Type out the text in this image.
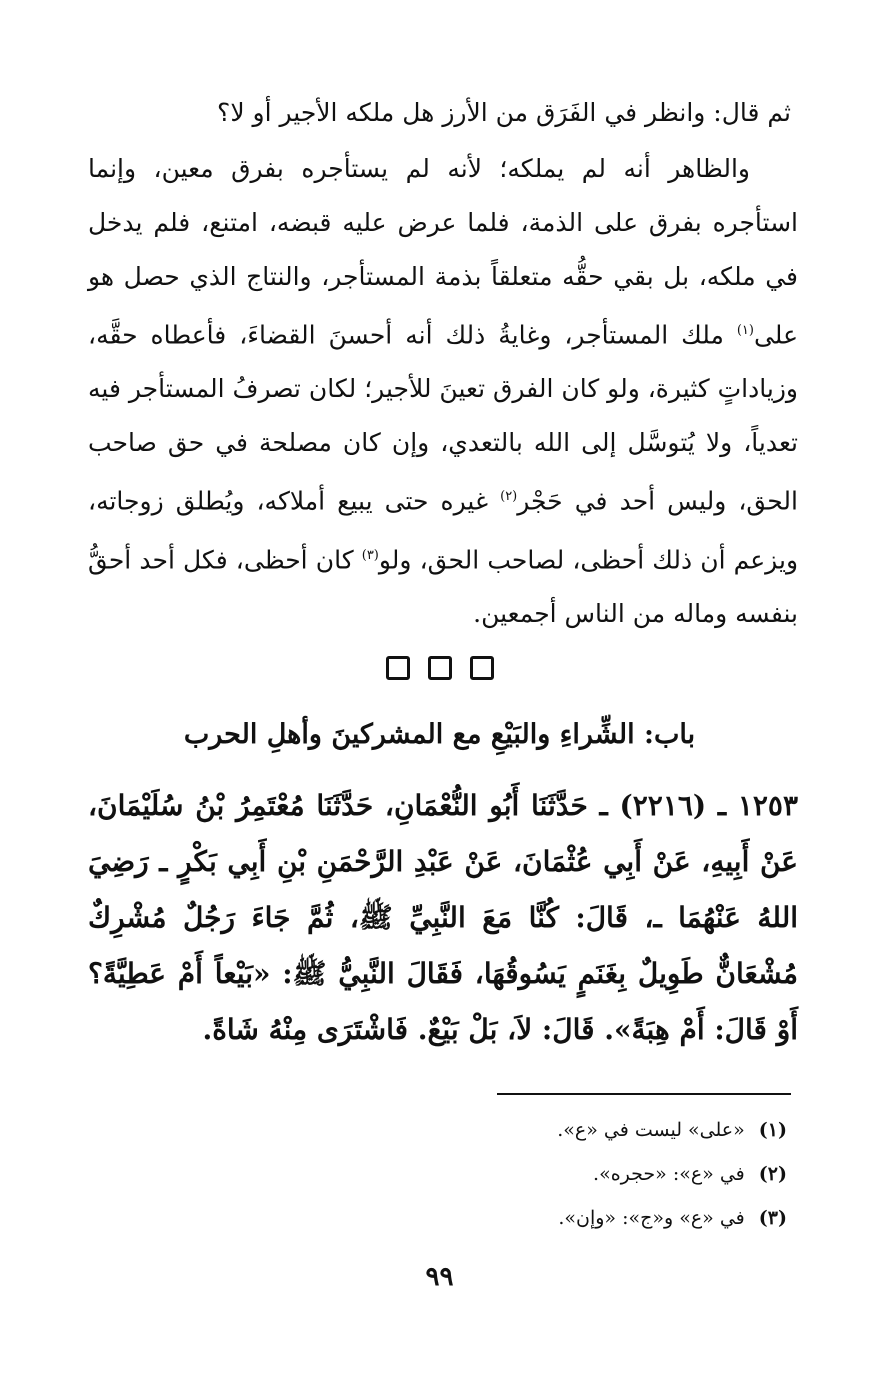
ثم قال: وانظر في الفَرَق من الأرز هل ملكه الأجير أو لا؟

والظاهر أنه لم يملكه؛ لأنه لم يستأجره بفرق معين، وإنما استأجره بفرق على الذمة، فلما عرض عليه قبضه، امتنع، فلم يدخل في ملكه، بل بقي حقُّه متعلقاً بذمة المستأجر، والنتاج الذي حصل هو على$^{(١)}$ ملك المستأجر، وغايةُ ذلك أنه أحسنَ القضاءَ، فأعطاه حقَّه، وزياداتٍ كثيرة، ولو كان الفرق تعينَ للأجير؛ لكان تصرفُ المستأجر فيه تعدياً، ولا يُتوسَّل إلى الله بالتعدي، وإن كان مصلحة في حق صاحب الحق، وليس أحد في حَجْر$^{(٢)}$ غيره حتى يبيع أملاكه، ويُطلق زوجاته، ويزعم أن ذلك أحظى، لصاحب الحق، ولو$^{(٣)}$ كان أحظى، فكل أحد أحقُّ بنفسه وماله من الناس أجمعين.

باب: الشِّراءِ والبَيْعِ مع المشركينَ وأهلِ الحرب

١٢٥٣ ـ (٢٢١٦) ـ حَدَّثَنَا أَبُو النُّعْمَانِ، حَدَّثَنَا مُعْتَمِرُ بْنُ سُلَيْمَانَ، عَنْ أَبِيهِ، عَنْ أَبِي عُثْمَانَ، عَنْ عَبْدِ الرَّحْمَنِ بْنِ أَبِي بَكْرٍ ـ رَضِيَ اللهُ عَنْهُمَا ـ، قَالَ: كُنَّا مَعَ النَّبِيِّ ﷺ، ثُمَّ جَاءَ رَجُلٌ مُشْرِكٌ مُشْعَانٌّ طَوِيلٌ بِغَنَمٍ يَسُوقُهَا، فَقَالَ النَّبِيُّ ﷺ: «بَيْعاً أَمْ عَطِيَّةً؟ أَوْ قَالَ: أَمْ هِبَةً». قَالَ: لاَ، بَلْ بَيْعٌ. فَاشْتَرَى مِنْهُ شَاةً.

(١)«على» ليست في «ع».
(٢)في «ع»: «حجره».
(٣)في «ع» و«ج»: «وإن».
٩٩
